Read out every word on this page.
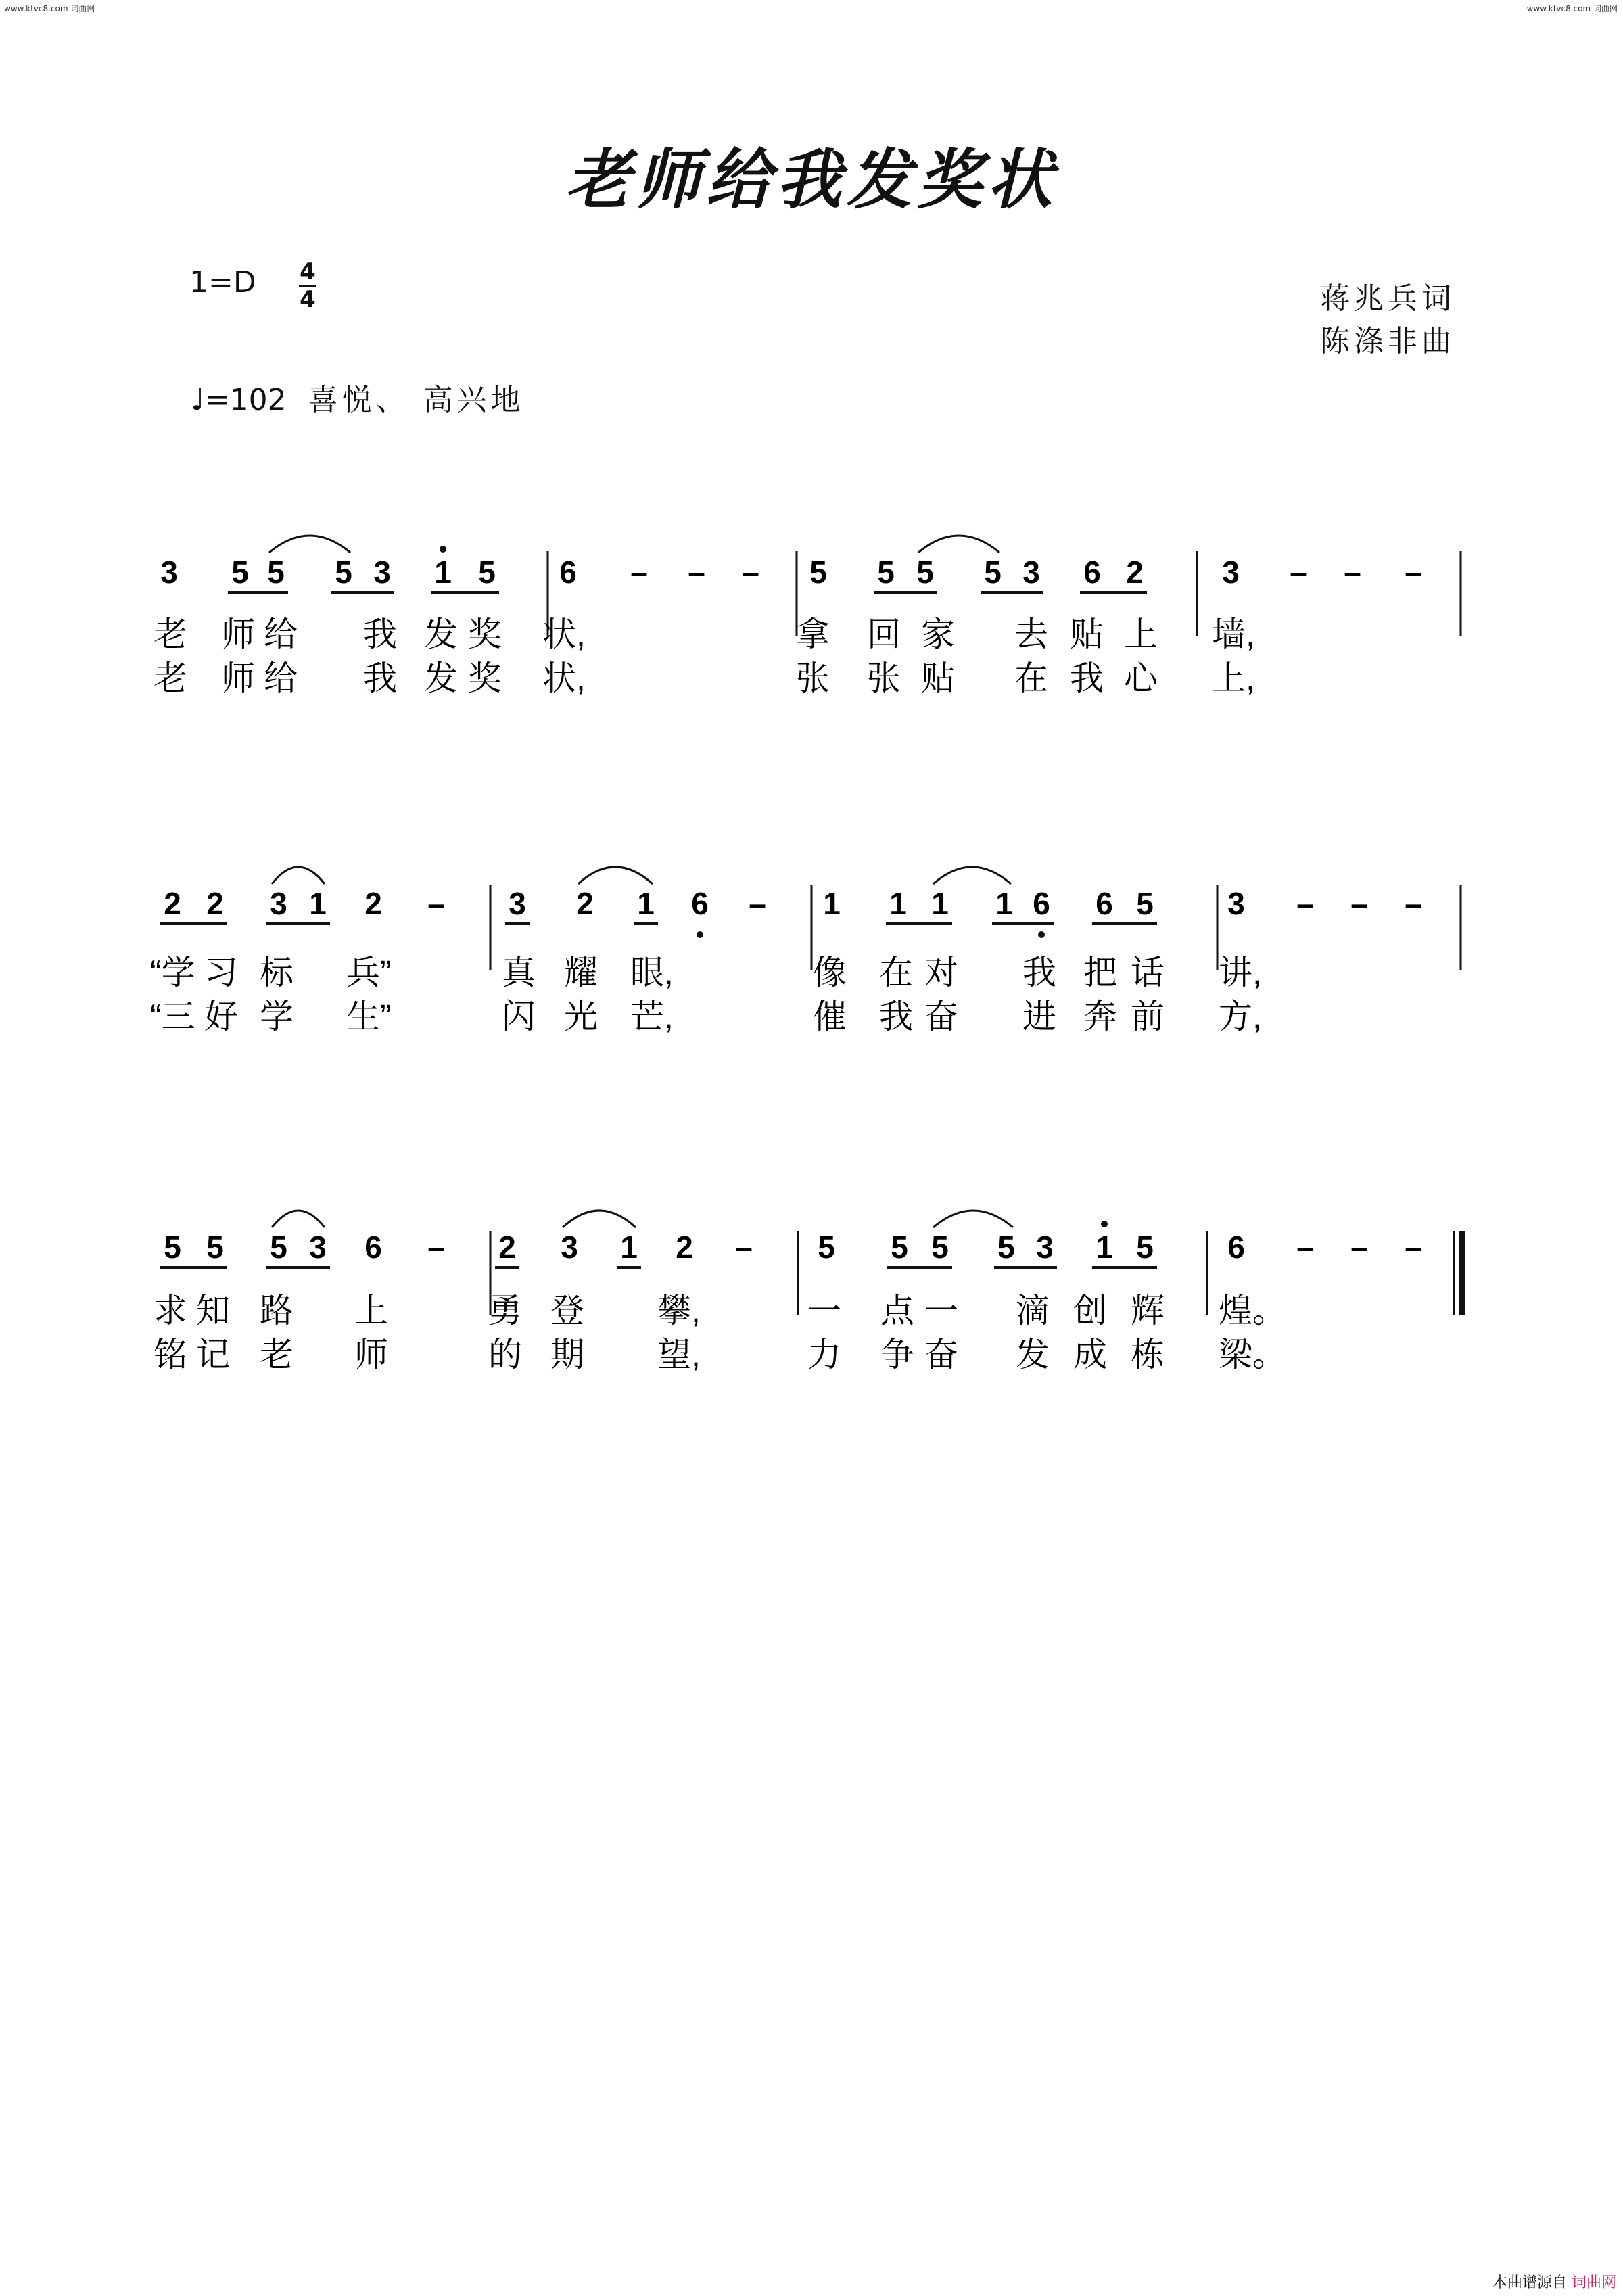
www.ktvc8.com 词曲网	www.ktvc8.com 词曲网
老师给我发奖状
1=D 4
4
♩=102 喜悦、 高兴地
蒋兆兵词
陈涤非曲
3 5 5 5 3 1 5 6 – – – 5 5 5 5 3 6 2	3 – – –
老 师 给 我 发 奖 状,	拿 回 家 去 贴 上 墙,
老 师 给 我 发 奖 状,	张 张 贴 在 我 心 上,
2 2 3 1 2 – 3 2 1 6 – 1 1 1 1 6 6 5 3 – – –
“学 习 标 兵”	真 耀 眼,	像 在 对 我 把 话 讲,
“三 好 学 生”	闪 光 芒,	催 我 奋 进 奔 前 方,
5 5 5 3 6 – 2 3 1 2 – 5 5 5 5 3 1 5 6 – – –
求 知 路 上	勇 登 攀,	一 点 一 滴 创 辉 煌。
铭 记 老 师	的 期 望,	力 争 奋 发 成 栋 梁。
本曲谱源自 词曲网
